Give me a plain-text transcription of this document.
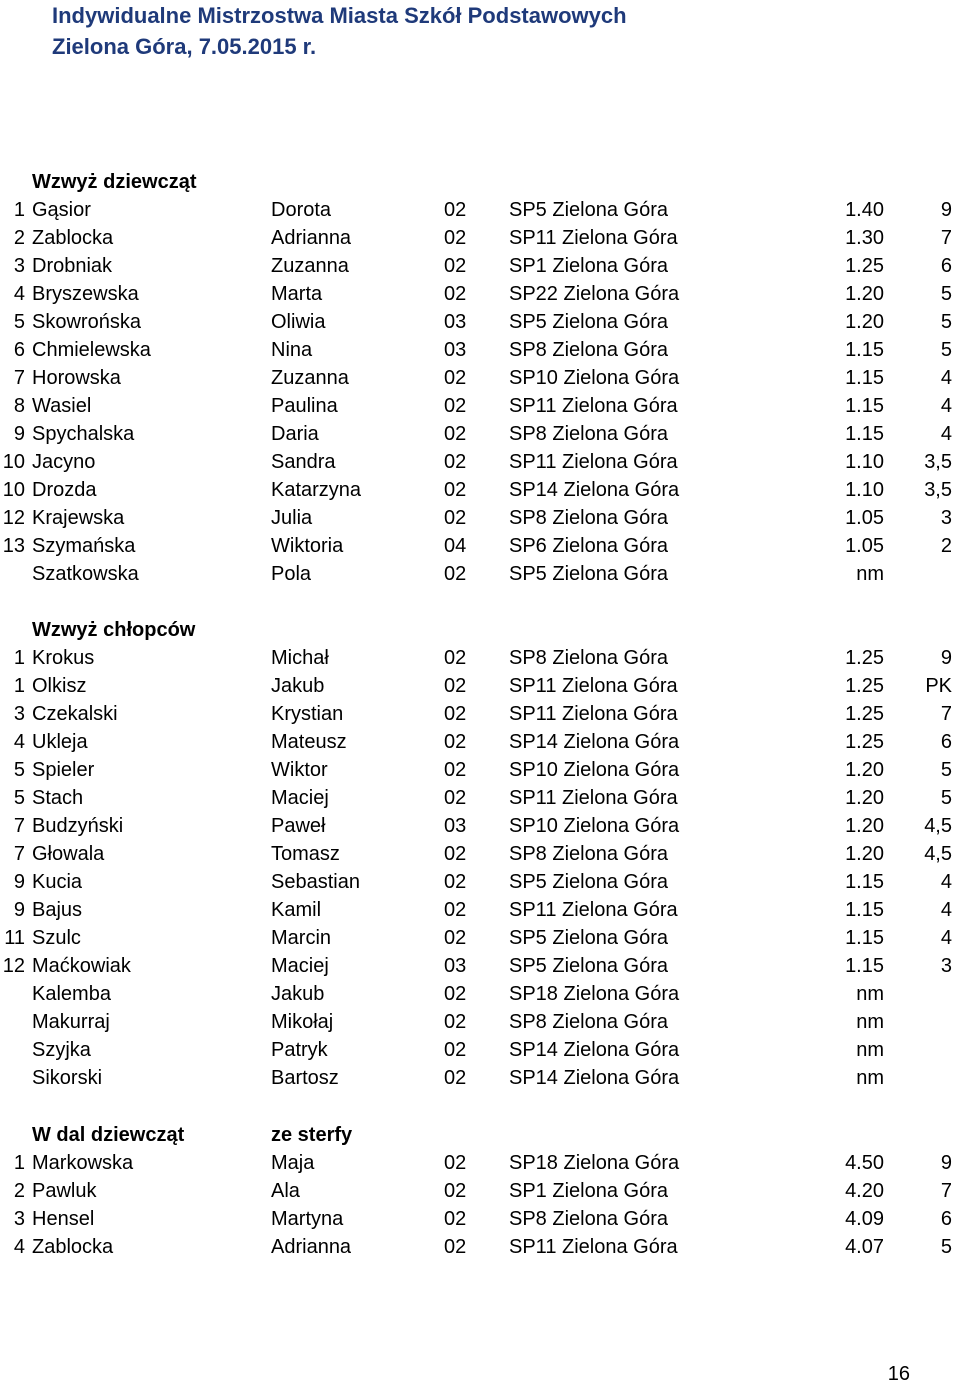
Indywidualne Mistrzostwa Miasta Szkół Podstawowych
Zielona Góra, 7.05.2015 r.
Wzwyż dziewcząt
1 Gąsior	Dorota	02 SP5 Zielona Góra	1.40	9
2 Zablocka	Adrianna	02 SP11 Zielona Góra	1.30	7
3 Drobniak	Zuzanna	02 SP1 Zielona Góra	1.25	6
4 Bryszewska	Marta	02 SP22 Zielona Góra	1.20	5
5 Skowrońska	Oliwia	03 SP5 Zielona Góra	1.20	5
6 Chmielewska	Nina	03 SP8 Zielona Góra	1.15	5
7 Horowska	Zuzanna	02 SP10 Zielona Góra	1.15	4
8 Wasiel	Paulina	02 SP11 Zielona Góra	1.15	4
9 Spychalska	Daria	02 SP8 Zielona Góra	1.15	4
10 Jacyno	Sandra	02 SP11 Zielona Góra	1.10 3,5
10 Drozda	Katarzyna	02 SP14 Zielona Góra	1.10 3,5
12 Krajewska	Julia	02 SP8 Zielona Góra	1.05	3
13 Szymańska	Wiktoria	04 SP6 Zielona Góra	1.05	2
Szatkowska	Pola	02 SP5 Zielona Góra	nm
Wzwyż chłopców
1 Krokus	Michał	02 SP8 Zielona Góra	1.25	9
1 Olkisz	Jakub	02 SP11 Zielona Góra	1.25 PK
3 Czekalski	Krystian	02 SP11 Zielona Góra	1.25	7
4 Ukleja	Mateusz	02 SP14 Zielona Góra	1.25	6
5 Spieler	Wiktor	02 SP10 Zielona Góra	1.20	5
5 Stach	Maciej	02 SP11 Zielona Góra	1.20	5
7 Budzyński	Paweł	03 SP10 Zielona Góra	1.20 4,5
7 Głowala	Tomasz	02 SP8 Zielona Góra	1.20 4,5
9 Kucia	Sebastian	02 SP5 Zielona Góra	1.15	4
9 Bajus	Kamil	02 SP11 Zielona Góra	1.15	4
11 Szulc	Marcin	02 SP5 Zielona Góra	1.15	4
12 Maćkowiak	Maciej	03 SP5 Zielona Góra	1.15	3
Kalemba	Jakub	02 SP18 Zielona Góra	nm
Makurraj	Mikołaj	02 SP8 Zielona Góra	nm
Szyjka	Patryk	02 SP14 Zielona Góra	nm
Sikorski	Bartosz	02 SP14 Zielona Góra	nm
W dal dziewcząt	ze sterfy
1 Markowska	Maja	02 SP18 Zielona Góra	4.50	9
2 Pawluk	Ala	02 SP1 Zielona Góra	4.20	7
3 Hensel	Martyna	02 SP8 Zielona Góra	4.09	6
4 Zablocka	Adrianna	02 SP11 Zielona Góra	4.07	5
16
